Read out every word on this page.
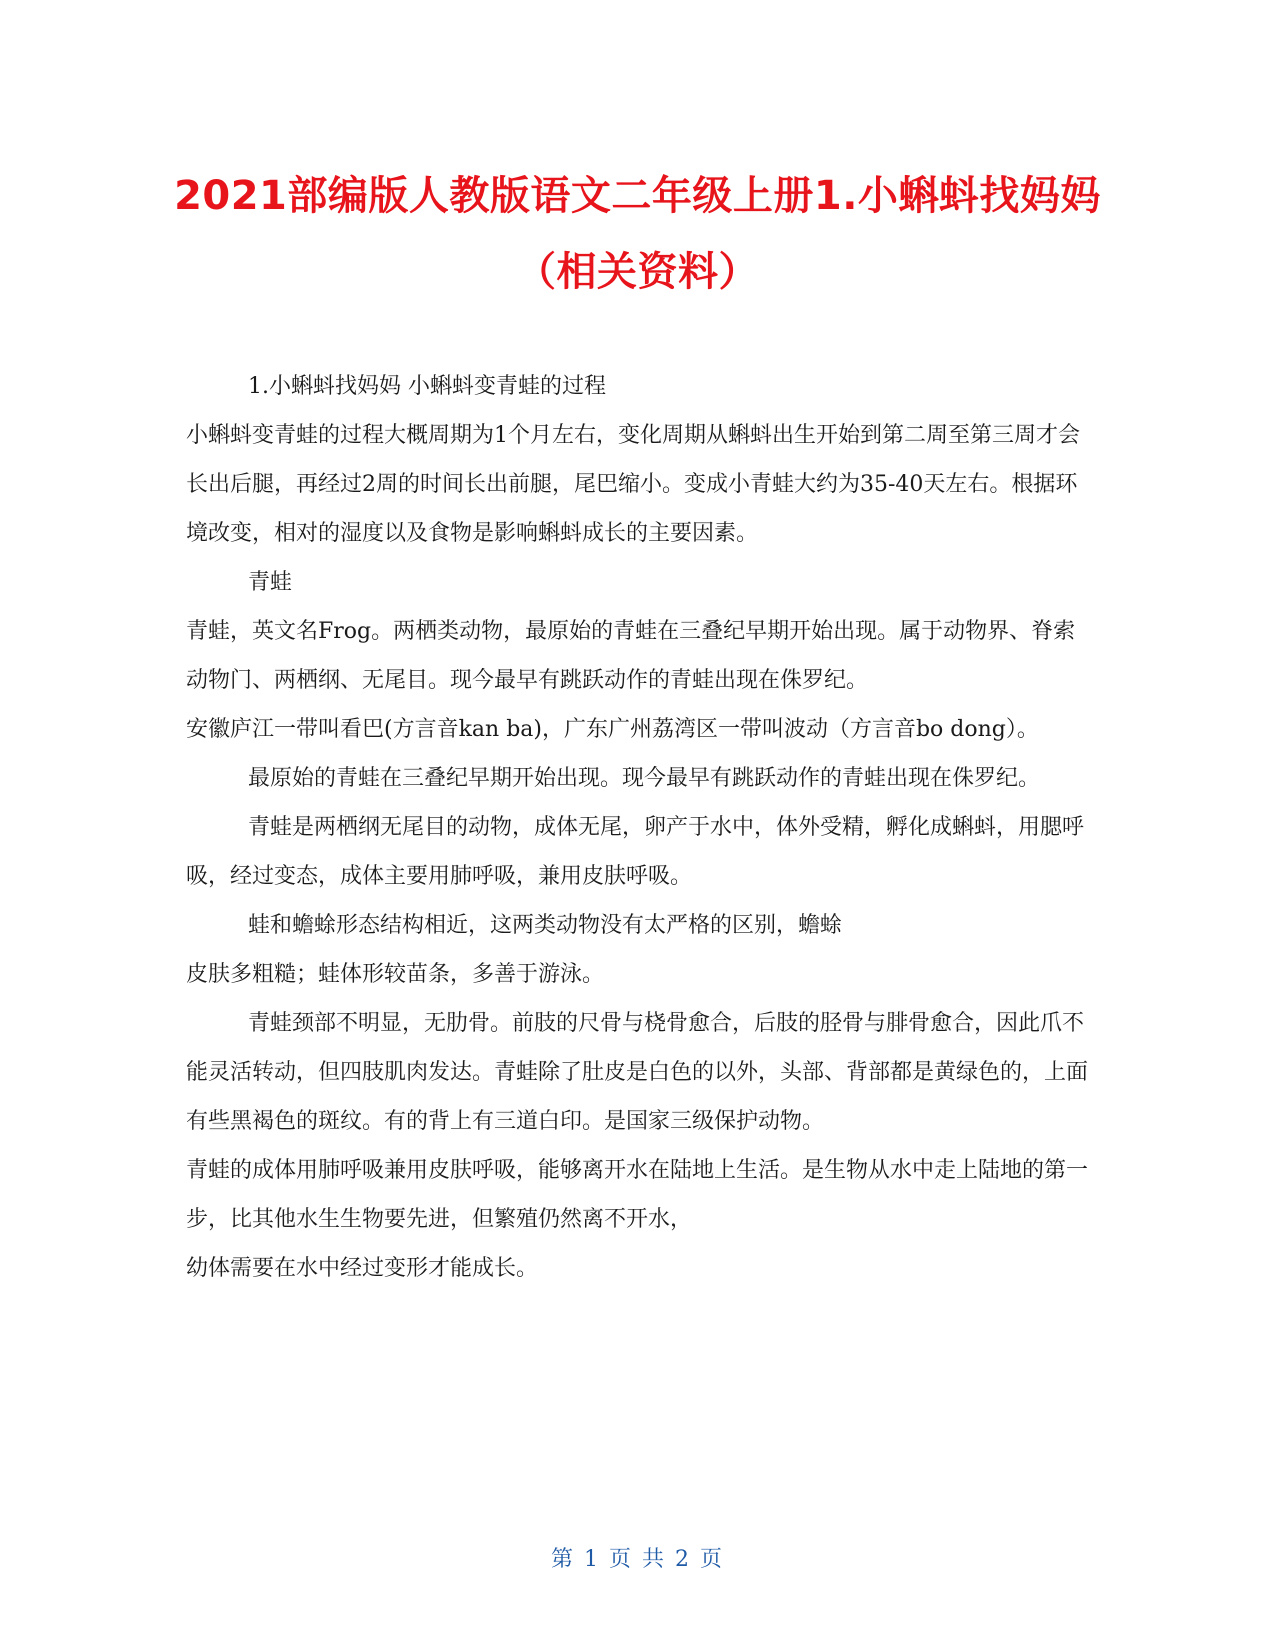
2021部编版人教版语文二年级上册1.小蝌蚪找妈妈（相关资料）

1.小蝌蚪找妈妈 小蝌蚪变青蛙的过程

小蝌蚪变青蛙的过程大概周期为1个月左右，变化周期从蝌蚪出生开始到第二周至第三周才会长出后腿，再经过2周的时间长出前腿，尾巴缩小。变成小青蛙大约为35-40天左右。根据环境改变，相对的湿度以及食物是影响蝌蚪成长的主要因素。

青蛙

青蛙，英文名Frog。两栖类动物，最原始的青蛙在三叠纪早期开始出现。属于动物界、脊索动物门、两栖纲、无尾目。现今最早有跳跃动作的青蛙出现在侏罗纪。

安徽庐江一带叫看巴(方言音kan ba)，广东广州荔湾区一带叫波动（方言音bo dong）。

最原始的青蛙在三叠纪早期开始出现。现今最早有跳跃动作的青蛙出现在侏罗纪。

青蛙是两栖纲无尾目的动物，成体无尾，卵产于水中，体外受精，孵化成蝌蚪，用腮呼吸，经过变态，成体主要用肺呼吸，兼用皮肤呼吸。

蛙和蟾蜍形态结构相近，这两类动物没有太严格的区别，蟾蜍

皮肤多粗糙；蛙体形较苗条，多善于游泳。

青蛙颈部不明显，无肋骨。前肢的尺骨与桡骨愈合，后肢的胫骨与腓骨愈合，因此爪不能灵活转动，但四肢肌肉发达。青蛙除了肚皮是白色的以外，头部、背部都是黄绿色的，上面有些黑褐色的斑纹。有的背上有三道白印。是国家三级保护动物。

青蛙的成体用肺呼吸兼用皮肤呼吸，能够离开水在陆地上生活。是生物从水中走上陆地的第一步，比其他水生生物要先进，但繁殖仍然离不开水，

幼体需要在水中经过变形才能成长。

第 1 页 共 2 页
